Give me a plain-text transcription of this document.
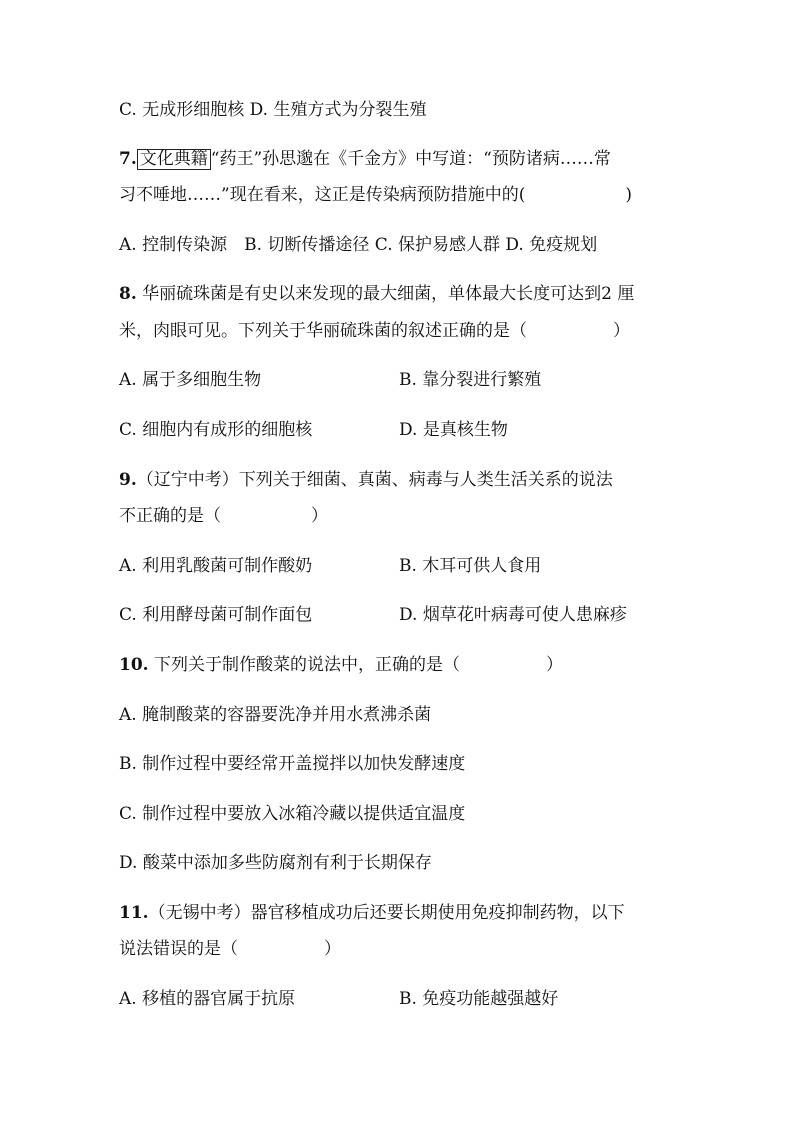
C. 无成形细胞核 D. 生殖方式为分裂生殖
7. 文化典籍 “药王”孙思邈在《千金方》中写道：“预防诸病……常
习不唾地……”现在看来，这正是传染病预防措施中的(	)
A. 控制传染源　B. 切断传播途径 C. 保护易感人群 D. 免疫规划
8. 华丽硫珠菌是有史以来发现的最大细菌，单体最大长度可达到2 厘
米，肉眼可见。下列关于华丽硫珠菌的叙述正确的是（	）
A. 属于多细胞生物	B. 靠分裂进行繁殖
C. 细胞内有成形的细胞核	D. 是真核生物
9.（辽宁中考）下列关于细菌、真菌、病毒与人类生活关系的说法
不正确的是（	）
A. 利用乳酸菌可制作酸奶	B. 木耳可供人食用
C. 利用酵母菌可制作面包	D. 烟草花叶病毒可使人患麻疹
10. 下列关于制作酸菜的说法中，正确的是（	）
A. 腌制酸菜的容器要洗净并用水煮沸杀菌
B. 制作过程中要经常开盖搅拌以加快发酵速度
C. 制作过程中要放入冰箱冷藏以提供适宜温度
D. 酸菜中添加多些防腐剂有利于长期保存
11.（无锡中考）器官移植成功后还要长期使用免疫抑制药物，以下
说法错误的是（	）
A. 移植的器官属于抗原	B. 免疫功能越强越好
